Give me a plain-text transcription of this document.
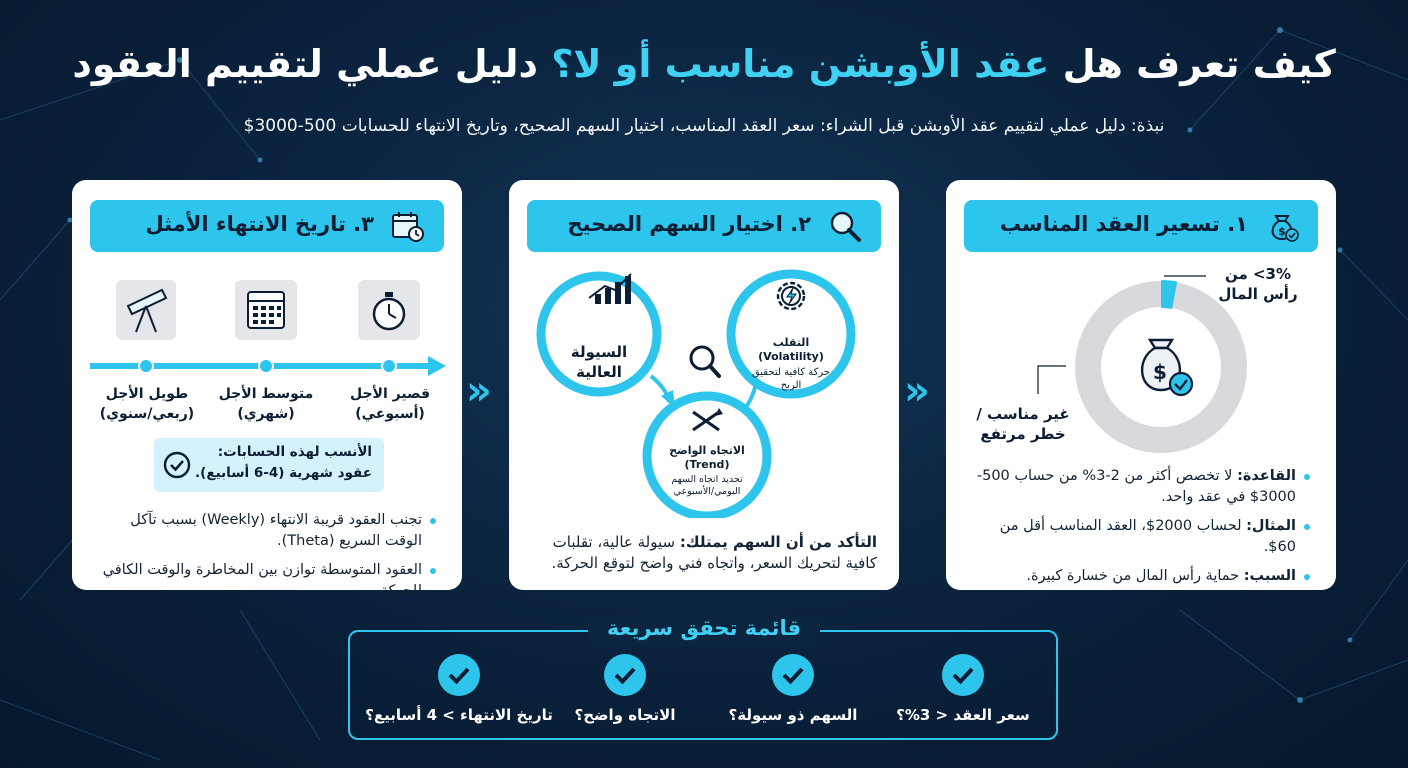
كيف تعرف هل عقد الأوبشن مناسب أو لا؟ دليل عملي لتقييم العقود
نبذة: دليل عملي لتقييم عقد الأوبشن قبل الشراء: سعر العقد المناسب، اختيار السهم الصحيح، وتاريخ الانتهاء للحسابات 500-3000$
$
١. تسعير العقد المناسب
$
3%> من رأس المال
غير مناسب / خطر مرتفع
القاعدة: لا تخصص أكثر من 2-3% من حساب 500-3000$ في عقد واحد.
المثال: لحساب 2000$، العقد المناسب أقل من 60$.
السبب: حماية رأس المال من خسارة كبيرة.
٢. اختيار السهم الصحيح
السيولة العالية
التقلب (Volatility)
حركة كافية لتحقيق الربح
الاتجاه الواضح (Trend)
تحديد اتجاه السهم اليومي/الأسبوعي
التأكد من أن السهم يمتلك: سيولة عالية، تقلبات كافية لتحريك السعر، واتجاه فني واضح لتوقع الحركة.
٣. تاريخ الانتهاء الأمثل
طويل الأجل (ربعي/سنوي)
متوسط الأجل (شهري)
قصير الأجل (أسبوعي)
الأنسب لهذه الحسابات:
عقود شهرية (4-6 أسابيع).
تجنب العقود قريبة الانتهاء (Weekly) بسبب تآكل الوقت السريع (Theta).
العقود المتوسطة توازن بين المخاطرة والوقت الكافي للحركة.
»	»
قائمة تحقق سريعة
سعر العقد < 3%؟
السهم ذو سيولة؟
الاتجاه واضح؟
تاريخ الانتهاء > 4 أسابيع؟
